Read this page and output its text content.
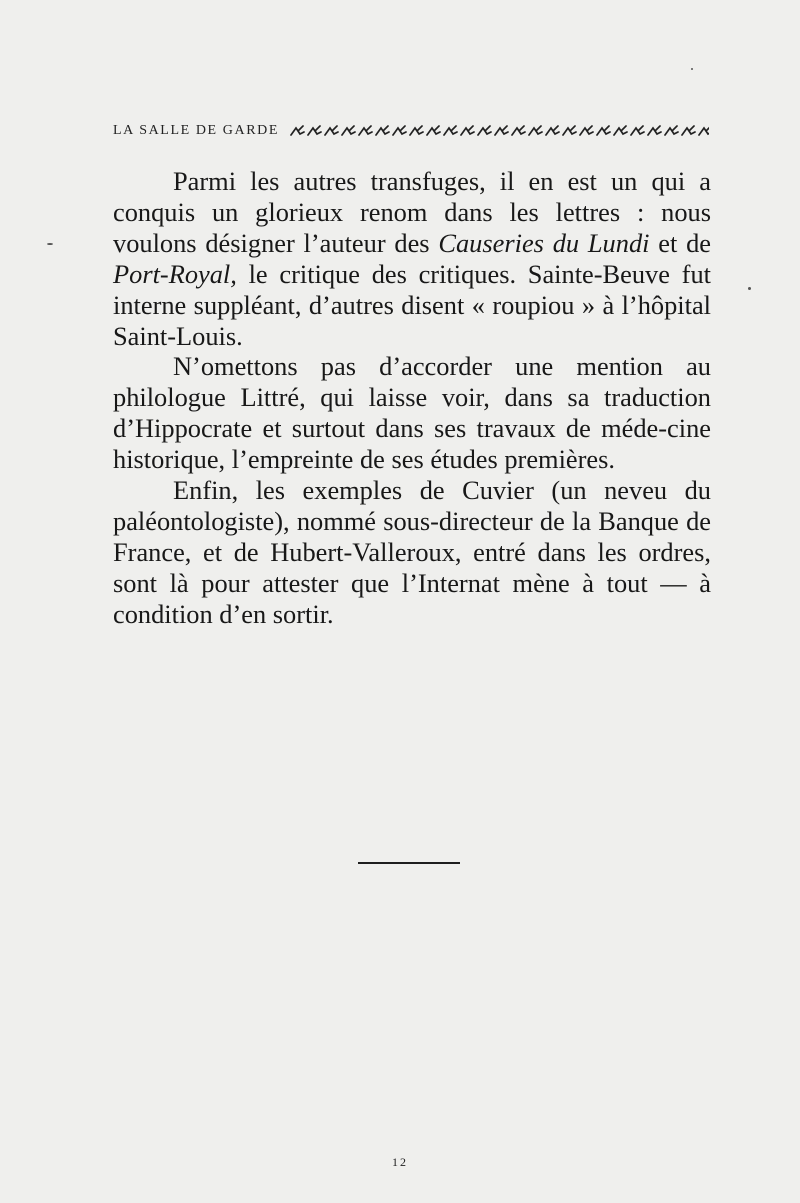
LA SALLE DE GARDE

Parmi les autres transfuges, il en est un qui a conquis un glorieux renom dans les lettres : nous voulons désigner l’auteur des Causeries du Lundi et de Port-Royal, le critique des critiques. Sainte-Beuve fut interne suppléant, d’autres disent « roupiou » à l’hôpital Saint-Louis.

N’omettons pas d’accorder une mention au philologue Littré, qui laisse voir, dans sa traduction d’Hippocrate et surtout dans ses travaux de méde-cine historique, l’empreinte de ses études premières.

Enfin, les exemples de Cuvier (un neveu du paléontologiste), nommé sous-directeur de la Banque de France, et de Hubert-Valleroux, entré dans les ordres, sont là pour attester que l’Internat mène à tout — à condition d’en sortir.

12
